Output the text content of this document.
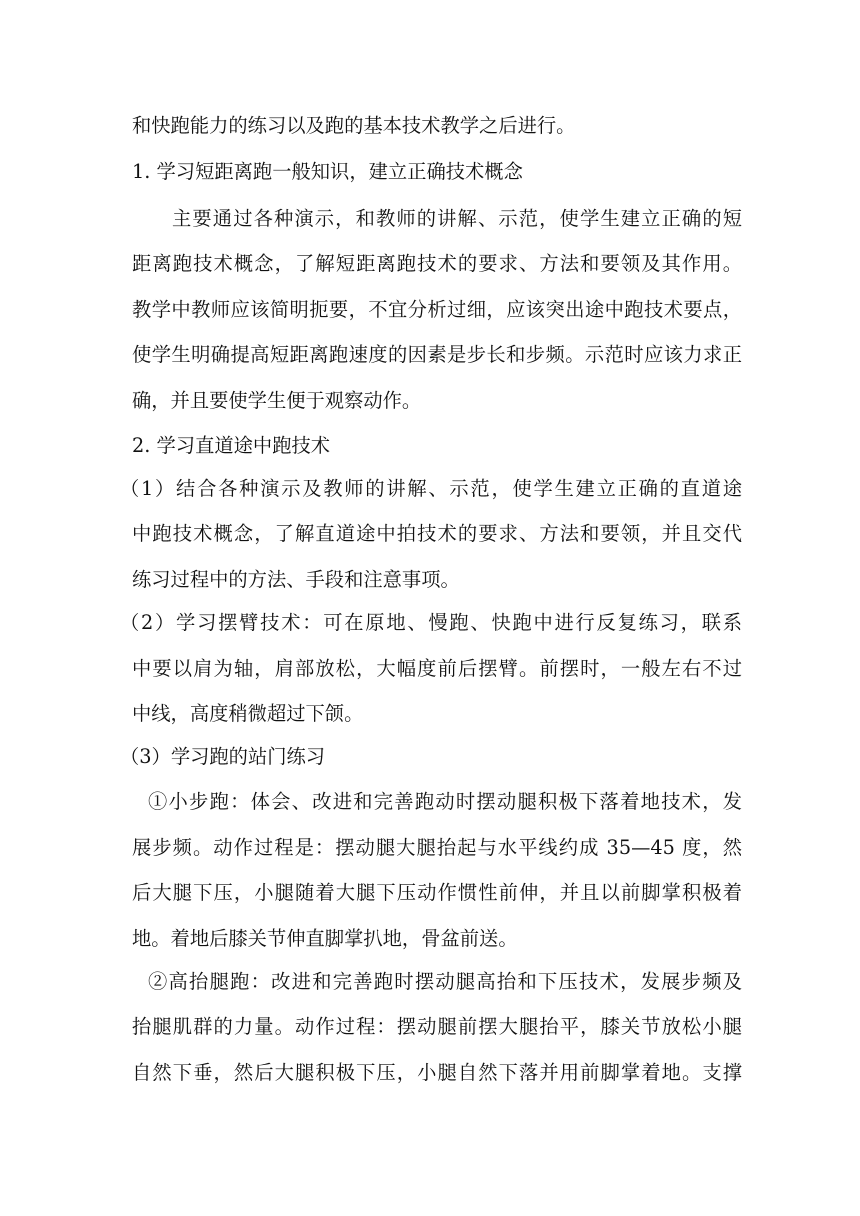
和快跑能力的练习以及跑的基本技术教学之后进行。
1. 学习短距离跑一般知识，建立正确技术概念
主要通过各种演示，和教师的讲解、示范，使学生建立正确的短
距离跑技术概念，了解短距离跑技术的要求、方法和要领及其作用。
教学中教师应该简明扼要，不宜分析过细，应该突出途中跑技术要点，
使学生明确提高短距离跑速度的因素是步长和步频。示范时应该力求正
确，并且要使学生便于观察动作。
2. 学习直道途中跑技术
（1）结合各种演示及教师的讲解、示范，使学生建立正确的直道途
中跑技术概念，了解直道途中拍技术的要求、方法和要领，并且交代
练习过程中的方法、手段和注意事项。
（2）学习摆臂技术：可在原地、慢跑、快跑中进行反复练习，联系
中要以肩为轴，肩部放松，大幅度前后摆臂。前摆时，一般左右不过
中线，高度稍微超过下颌。
（3）学习跑的站门练习
①小步跑：体会、改进和完善跑动时摆动腿积极下落着地技术，发
展步频。动作过程是：摆动腿大腿抬起与水平线约成 35—45 度，然
后大腿下压，小腿随着大腿下压动作惯性前伸，并且以前脚掌积极着
地。着地后膝关节伸直脚掌扒地，骨盆前送。
②高抬腿跑：改进和完善跑时摆动腿高抬和下压技术，发展步频及
抬腿肌群的力量。动作过程：摆动腿前摆大腿抬平，膝关节放松小腿
自然下垂，然后大腿积极下压，小腿自然下落并用前脚掌着地。支撑
